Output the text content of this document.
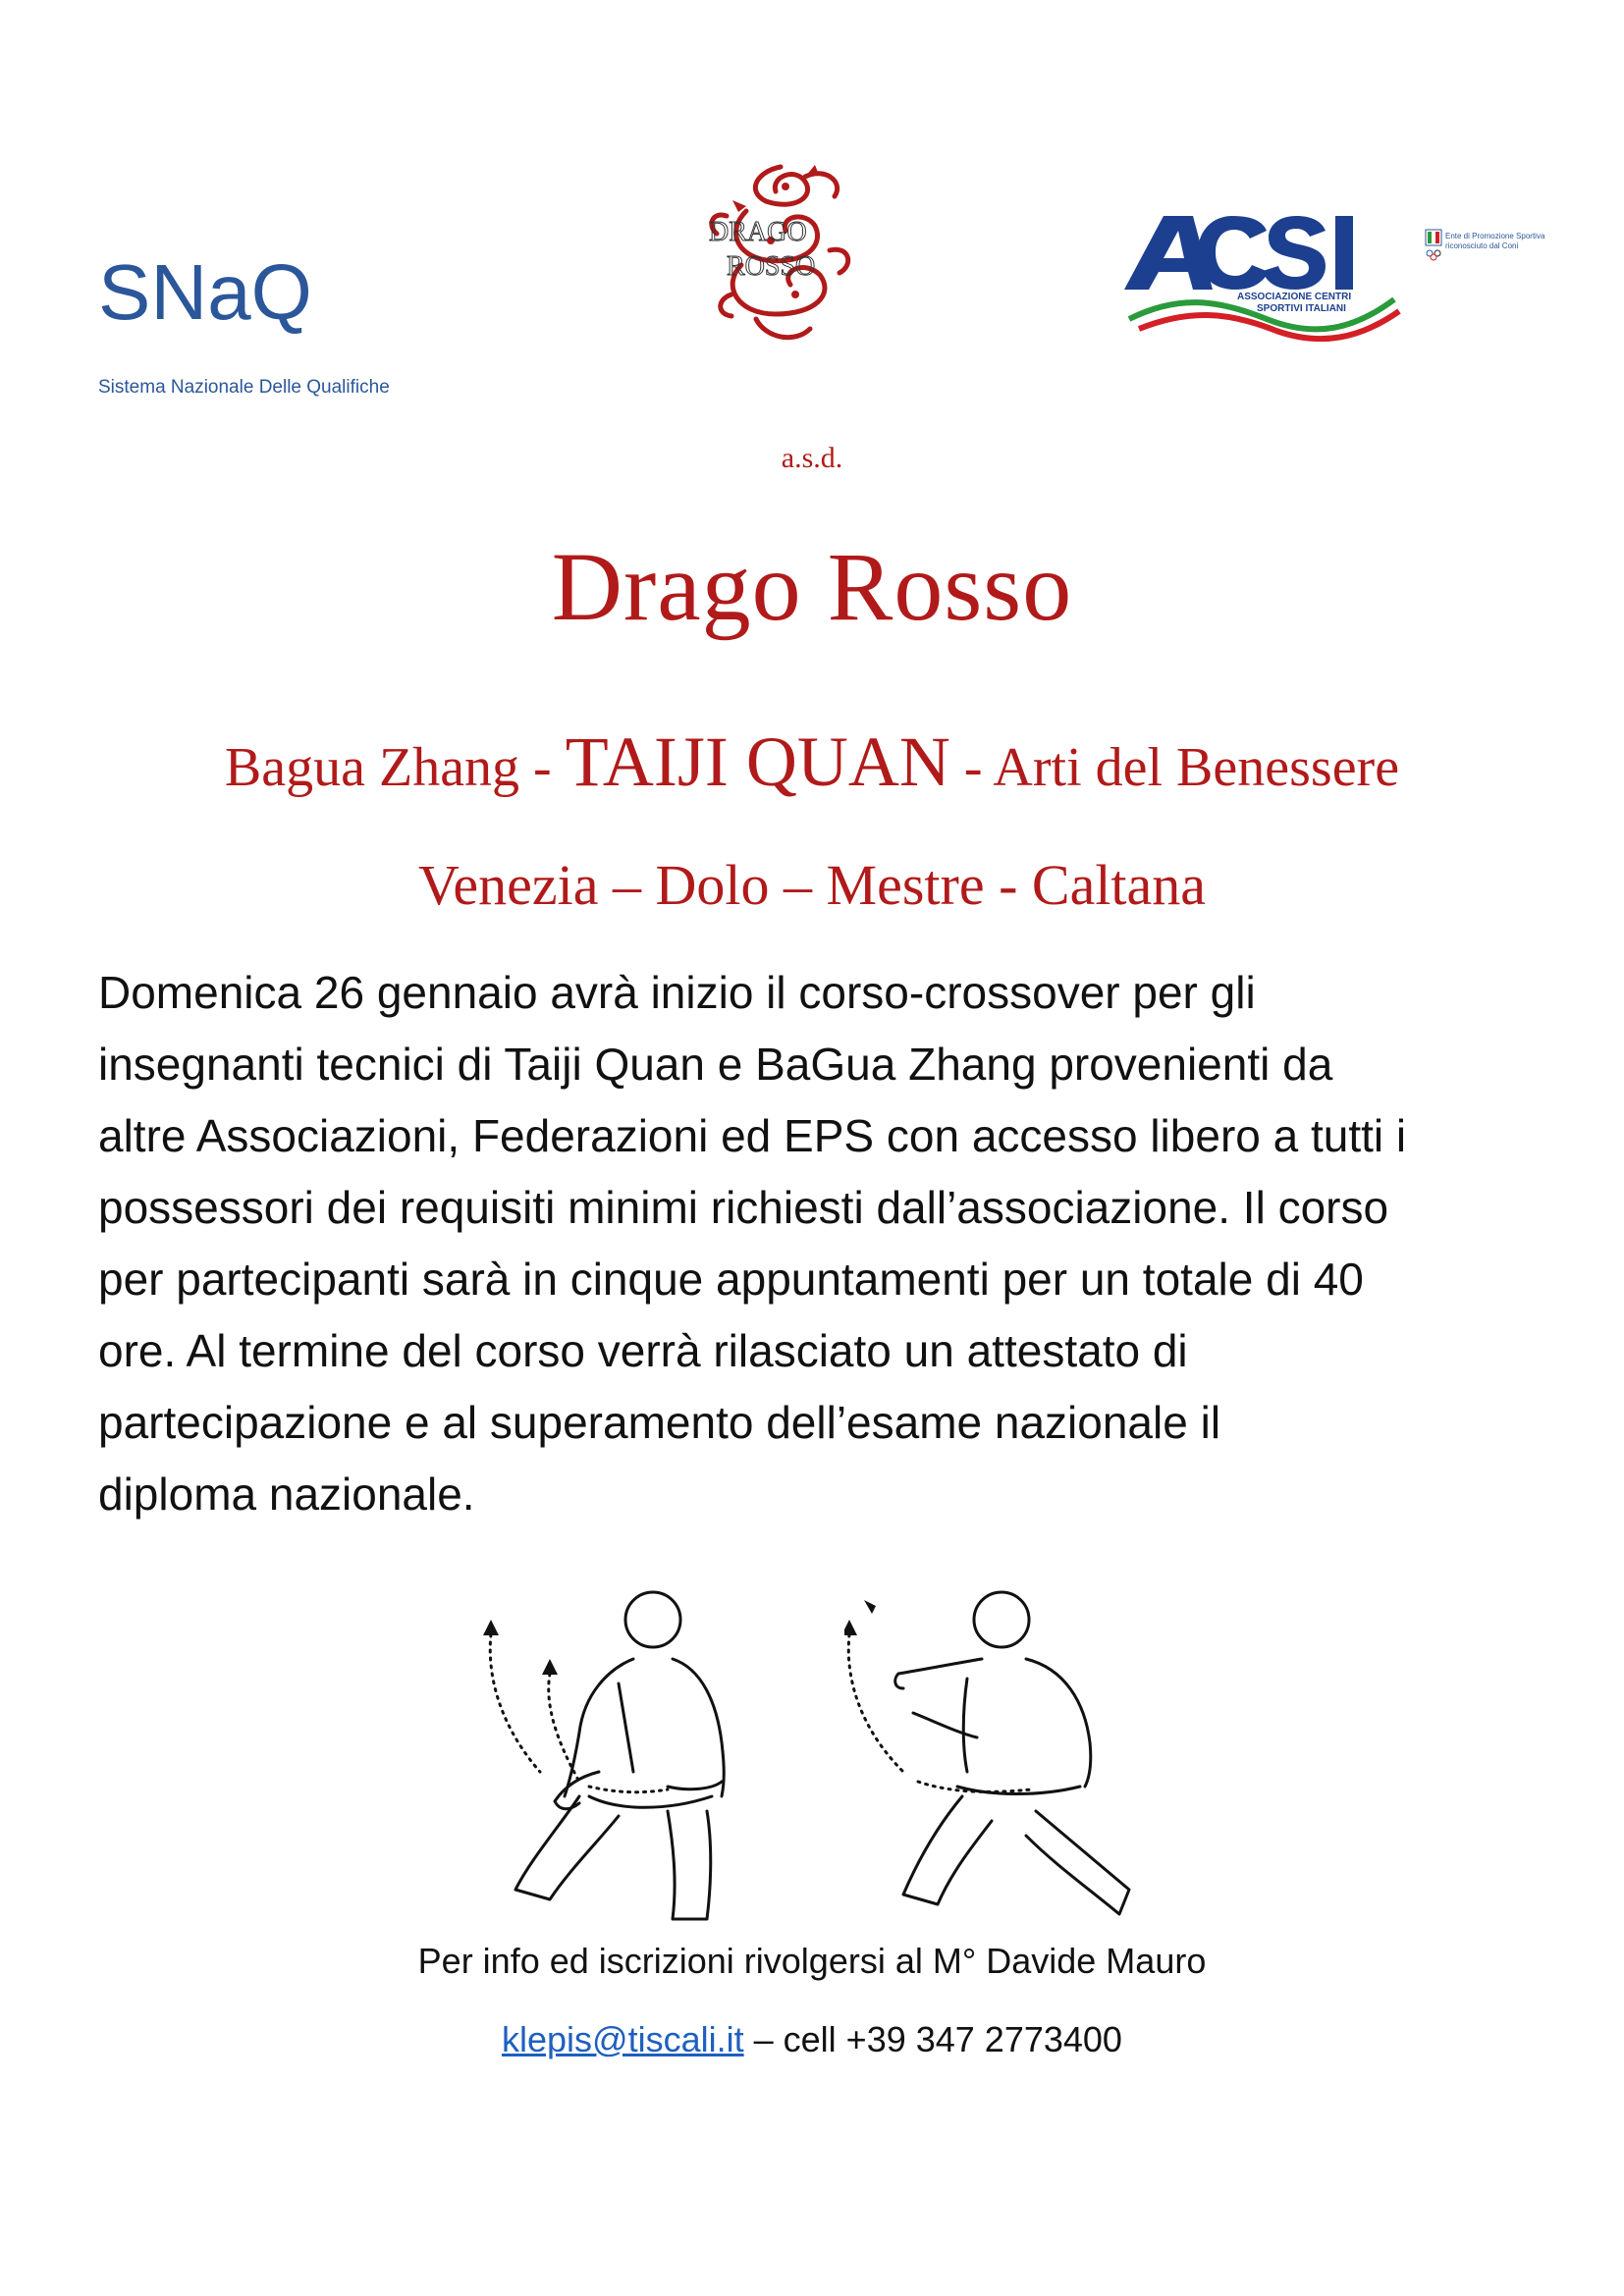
SNaQ
Sistema Nazionale Delle Qualifiche
DRAGO
ROSSO
ASSOCIAZIONE CENTRI
SPORTIVI ITALIANI
Ente di Promozione Sportiva
riconosciuto dal Coni
a.s.d.
Drago Rosso
Bagua Zhang - TAIJI QUAN - Arti del Benessere
Venezia – Dolo – Mestre - Caltana
Domenica 26 gennaio avrà inizio il corso-crossover per gli
insegnanti tecnici di Taiji Quan e BaGua Zhang provenienti da
altre Associazioni, Federazioni ed EPS con accesso libero a tutti i
possessori dei requisiti minimi richiesti dall’associazione. Il corso
per partecipanti sarà in cinque appuntamenti per un totale di 40
ore. Al termine del corso verrà rilasciato un attestato di
partecipazione e al superamento dell’esame nazionale il
diploma nazionale.
Per info ed iscrizioni rivolgersi al M° Davide Mauro
klepis@tiscali.it – cell +39 347 2773400
